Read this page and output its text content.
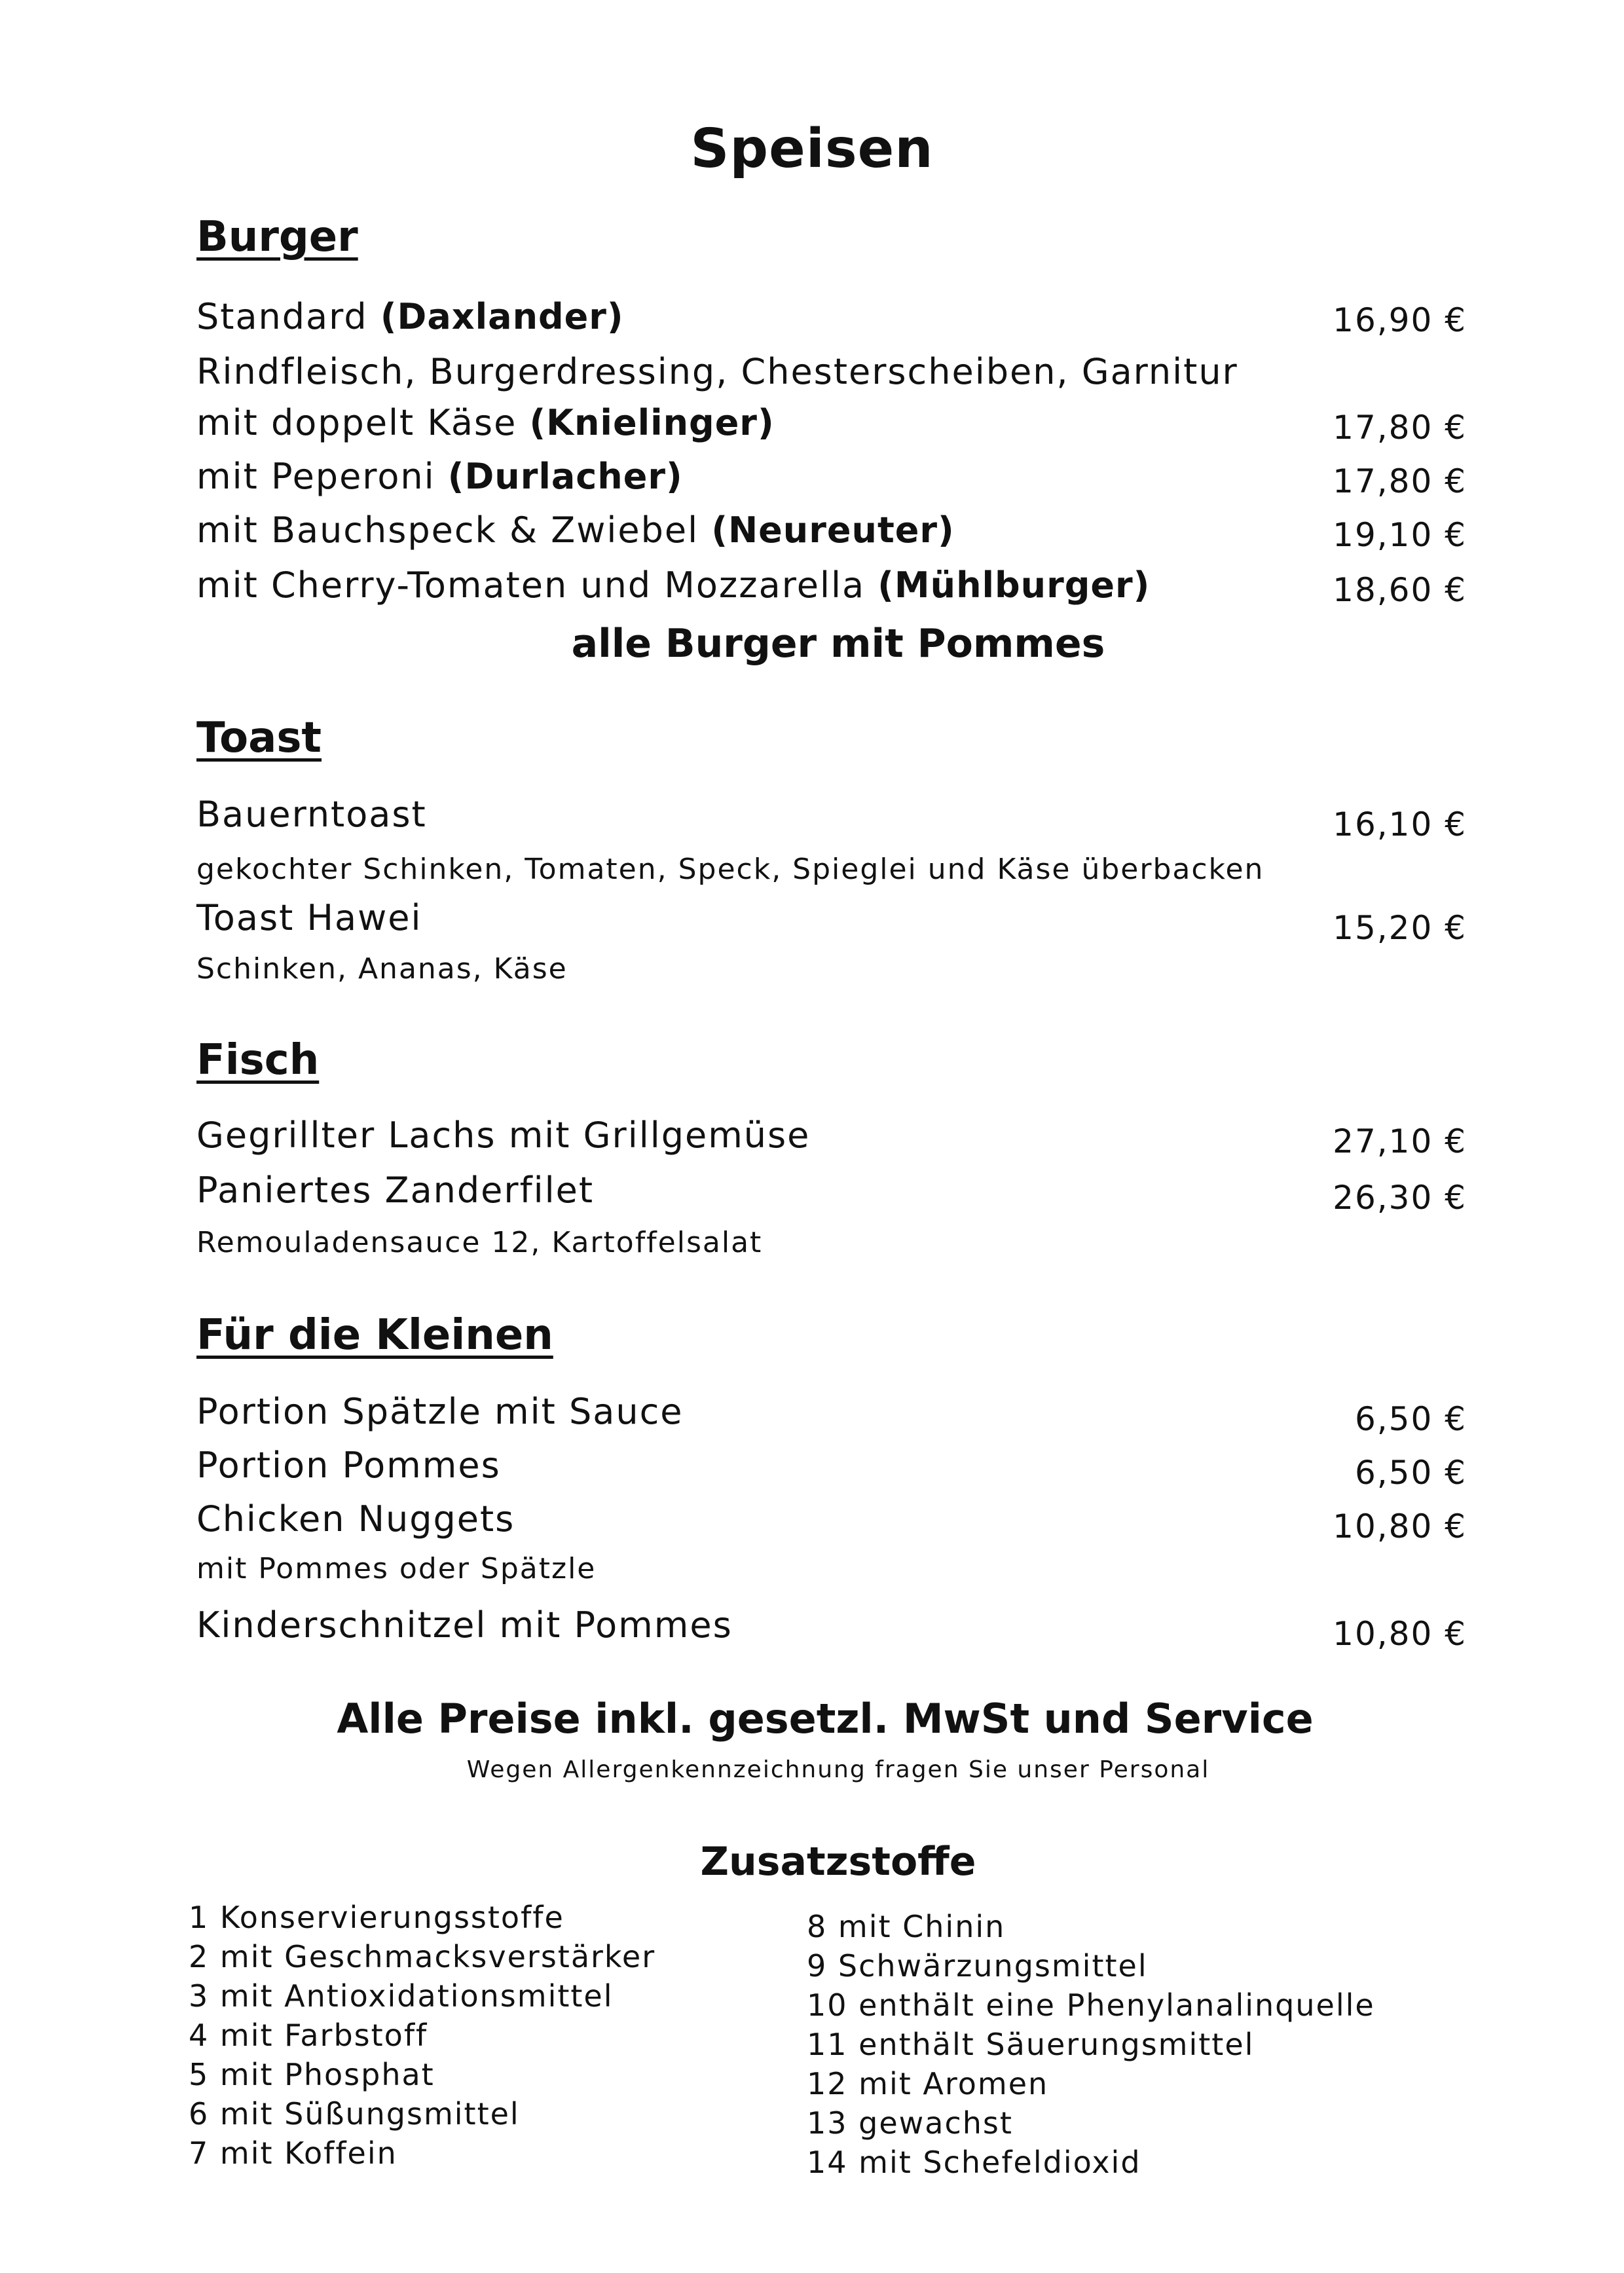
Speisen
Burger
Standard (Daxlander)	16,90 €
Rindfleisch, Burgerdressing, Chesterscheiben, Garnitur
mit doppelt Käse (Knielinger)	17,80 €
mit Peperoni (Durlacher)	17,80 €
mit Bauchspeck & Zwiebel (Neureuter)	19,10 €
mit Cherry-Tomaten und Mozzarella (Mühlburger)	18,60 €
alle Burger mit Pommes
Toast
Bauerntoast	16,10 €
gekochter Schinken, Tomaten, Speck, Spieglei und Käse überbacken
Toast Hawei	15,20 €
Schinken, Ananas, Käse
Fisch
Gegrillter Lachs mit Grillgemüse	27,10 €
Paniertes Zanderfilet	26,30 €
Remouladensauce 12, Kartoffelsalat
Für die Kleinen
Portion Spätzle mit Sauce	6,50 €
Portion Pommes	6,50 €
Chicken Nuggets	10,80 €
mit Pommes oder Spätzle
Kinderschnitzel mit Pommes	10,80 €
Alle Preise inkl. gesetzl. MwSt und Service
Wegen Allergenkennzeichnung fragen Sie unser Personal
Zusatzstoffe
1 Konservierungsstoffe
2 mit Geschmacksverstärker
3 mit Antioxidationsmittel
4 mit Farbstoff
5 mit Phosphat
6 mit Süßungsmittel
7 mit Koffein
8 mit Chinin
9 Schwärzungsmittel
10 enthält eine Phenylanalinquelle
11 enthält Säuerungsmittel
12 mit Aromen
13 gewachst
14 mit Schefeldioxid
